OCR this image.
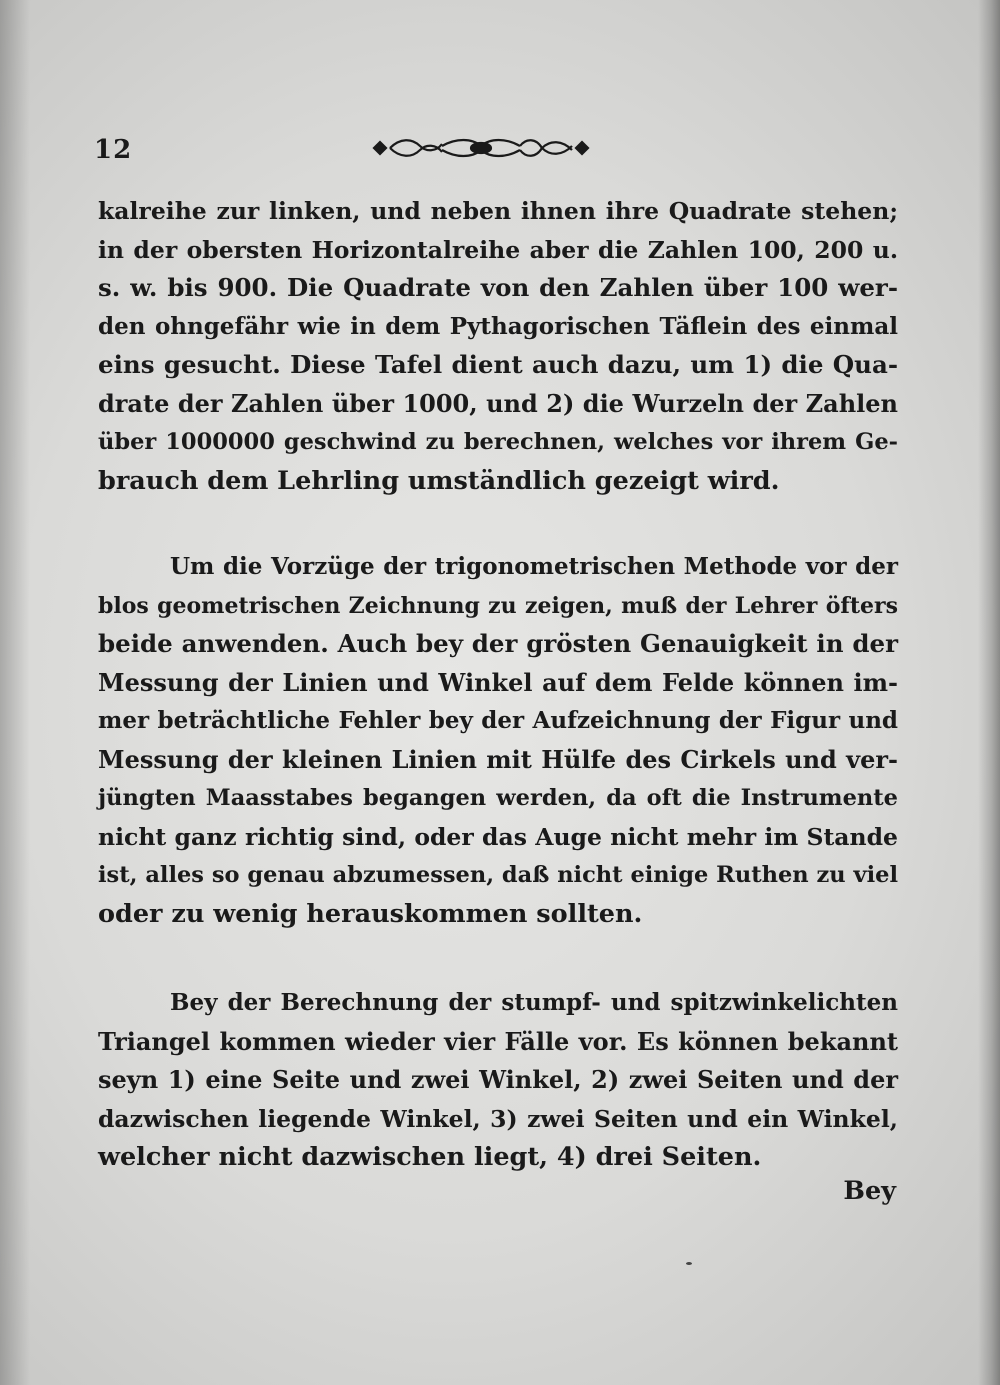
12
kalreihe zur linken, und neben ihnen ihre Quadrate stehen;
in der obersten Horizontalreihe aber die Zahlen 100, 200 u.
s. w. bis 900. Die Quadrate von den Zahlen über 100 wer-
den ohngefähr wie in dem Pythagorischen Täflein des einmal
eins gesucht. Diese Tafel dient auch dazu, um 1) die Qua-
drate der Zahlen über 1000, und 2) die Wurzeln der Zahlen
über 1000000 geschwind zu berechnen, welches vor ihrem Ge-
brauch dem Lehrling umständlich gezeigt wird.
Um die Vorzüge der trigonometrischen Methode vor der
blos geometrischen Zeichnung zu zeigen, muß der Lehrer öfters
beide anwenden. Auch bey der grösten Genauigkeit in der
Messung der Linien und Winkel auf dem Felde können im-
mer beträchtliche Fehler bey der Aufzeichnung der Figur und
Messung der kleinen Linien mit Hülfe des Cirkels und ver-
jüngten Maasstabes begangen werden, da oft die Instrumente
nicht ganz richtig sind, oder das Auge nicht mehr im Stande
ist, alles so genau abzumessen, daß nicht einige Ruthen zu viel
oder zu wenig herauskommen sollten.
Bey der Berechnung der stumpf- und spitzwinkelichten
Triangel kommen wieder vier Fälle vor. Es können bekannt
seyn 1) eine Seite und zwei Winkel, 2) zwei Seiten und der
dazwischen liegende Winkel, 3) zwei Seiten und ein Winkel,
welcher nicht dazwischen liegt, 4) drei Seiten.
Bey
